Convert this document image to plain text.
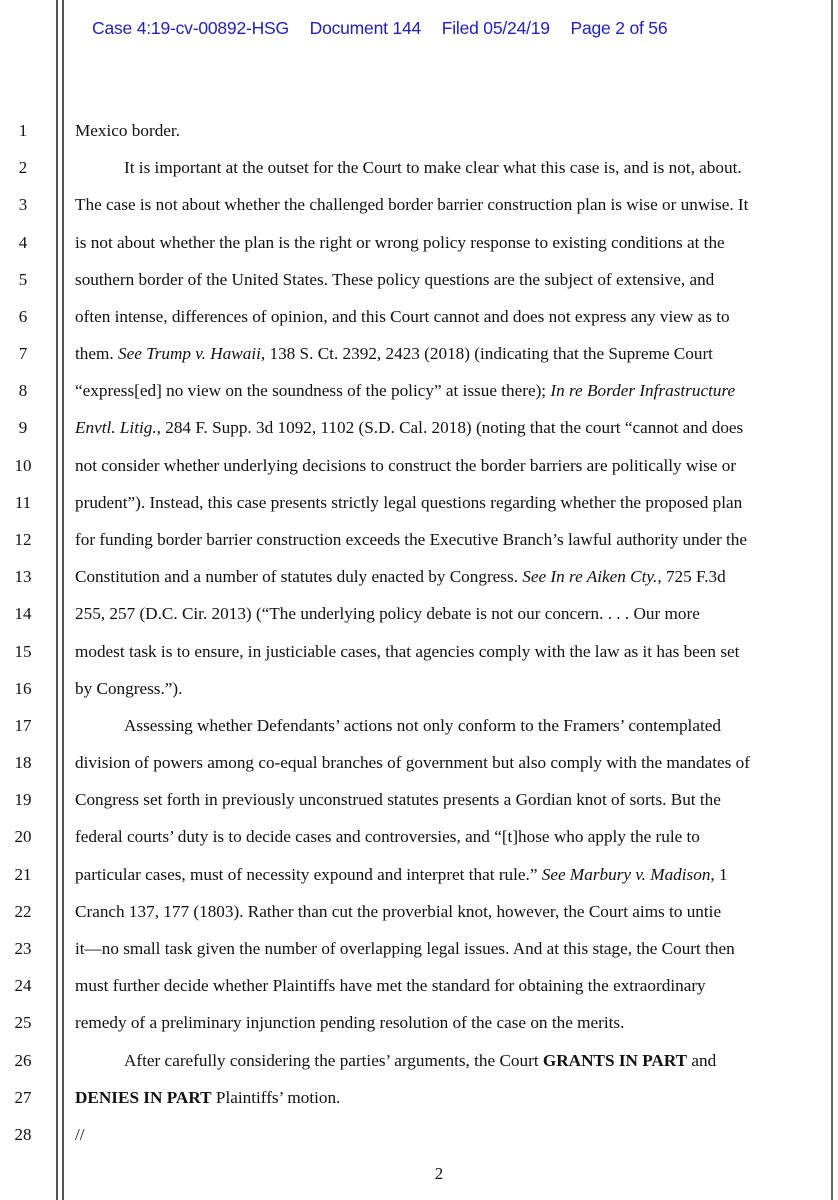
Case 4:19-cv-00892-HSG Document 144 Filed 05/24/19 Page 2 of 56
1
2
3
4
5
6
7
8
9
10
11
12
13
14
15
16
17
18
19
20
21
22
23
24
25
26
27
28
Mexico border.
It is important at the outset for the Court to make clear what this case is, and is not, about.
The case is not about whether the challenged border barrier construction plan is wise or unwise. It
is not about whether the plan is the right or wrong policy response to existing conditions at the
southern border of the United States. These policy questions are the subject of extensive, and
often intense, differences of opinion, and this Court cannot and does not express any view as to
them. See Trump v. Hawaii, 138 S. Ct. 2392, 2423 (2018) (indicating that the Supreme Court
“express[ed] no view on the soundness of the policy” at issue there); In re Border Infrastructure
Envtl. Litig., 284 F. Supp. 3d 1092, 1102 (S.D. Cal. 2018) (noting that the court “cannot and does
not consider whether underlying decisions to construct the border barriers are politically wise or
prudent”). Instead, this case presents strictly legal questions regarding whether the proposed plan
for funding border barrier construction exceeds the Executive Branch’s lawful authority under the
Constitution and a number of statutes duly enacted by Congress. See In re Aiken Cty., 725 F.3d
255, 257 (D.C. Cir. 2013) (“The underlying policy debate is not our concern. . . . Our more
modest task is to ensure, in justiciable cases, that agencies comply with the law as it has been set
by Congress.”).
Assessing whether Defendants’ actions not only conform to the Framers’ contemplated
division of powers among co-equal branches of government but also comply with the mandates of
Congress set forth in previously unconstrued statutes presents a Gordian knot of sorts. But the
federal courts’ duty is to decide cases and controversies, and “[t]hose who apply the rule to
particular cases, must of necessity expound and interpret that rule.” See Marbury v. Madison, 1
Cranch 137, 177 (1803). Rather than cut the proverbial knot, however, the Court aims to untie
it—no small task given the number of overlapping legal issues. And at this stage, the Court then
must further decide whether Plaintiffs have met the standard for obtaining the extraordinary
remedy of a preliminary injunction pending resolution of the case on the merits.
After carefully considering the parties’ arguments, the Court GRANTS IN PART and
DENIES IN PART Plaintiffs’ motion.
//
2
